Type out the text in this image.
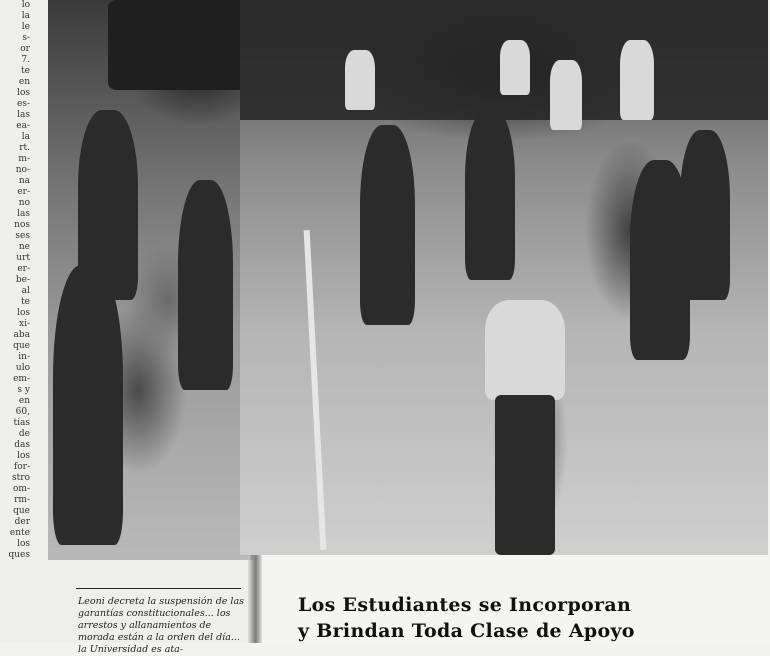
lo
la
le
s-
or
7.
te
en
los
es-
las
ea-
la
rt.
m-
no-
na
er-
no
las
nos
ses
ne
urt
er-
be-
al
te
los
xi-
aba
que
in-
ulo
em-
s y
en
60,
tías
de
das
los
for-
stro
om-
rm-
que
der
ente
los
ques
Leoni decreta la suspensión de las garantías constitucionales... los arrestos y allanamientos de morada están a la orden del día... la Universidad es ata-
Los Estudiantes se Incorporan
y Brindan Toda Clase de Apoyo
